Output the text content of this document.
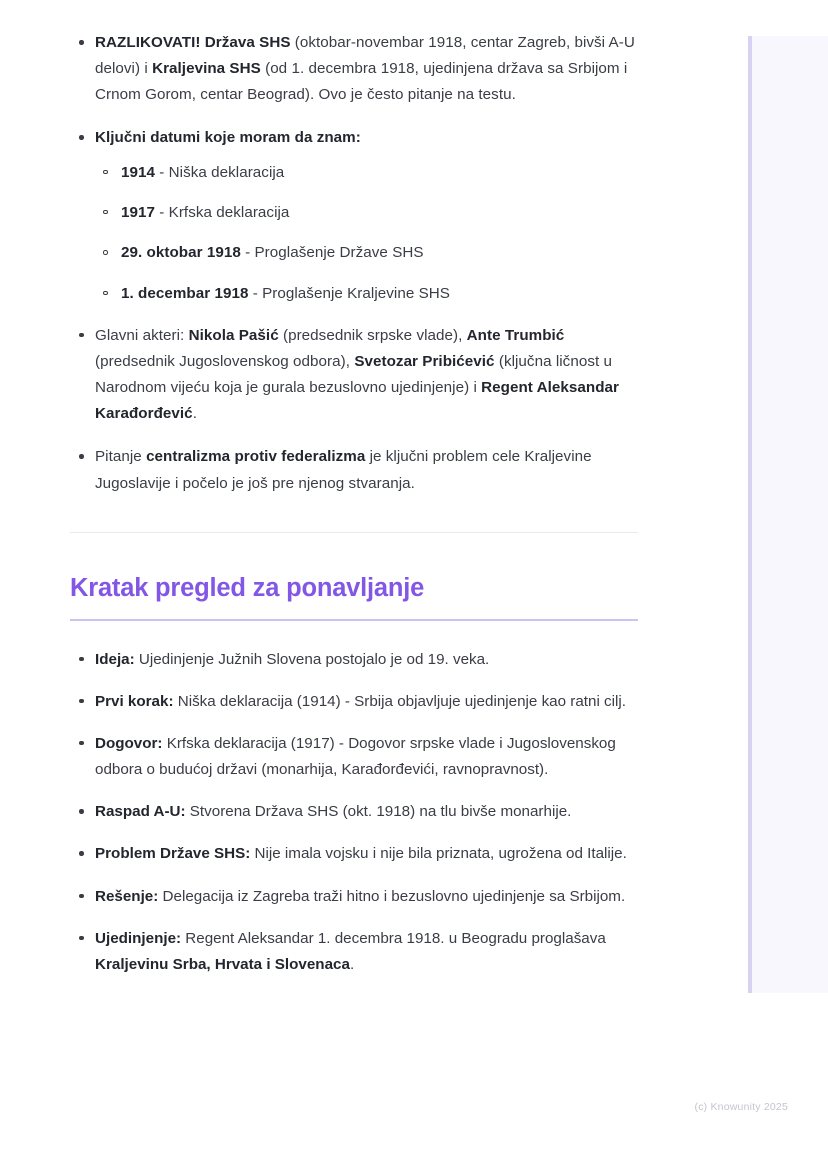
RAZLIKOVATI! Država SHS (oktobar-novembar 1918, centar Zagreb, bivši A-U delovi) i Kraljevina SHS (od 1. decembra 1918, ujedinjena država sa Srbijom i Crnom Gorom, centar Beograd). Ovo je često pitanje na testu.
Ključni datumi koje moram da znam:
1914 - Niška deklaracija
1917 - Krfska deklaracija
29. oktobar 1918 - Proglašenje Države SHS
1. decembar 1918 - Proglašenje Kraljevine SHS
Glavni akteri: Nikola Pašić (predsednik srpske vlade), Ante Trumbić (predsednik Jugoslovenskog odbora), Svetozar Pribićević (ključna ličnost u Narodnom vijeću koja je gurala bezuslovno ujedinjenje) i Regent Aleksandar Karađorđević.
Pitanje centralizma protiv federalizma je ključni problem cele Kraljevine Jugoslavije i počelo je još pre njenog stvaranja.
Kratak pregled za ponavljanje
Ideja: Ujedinjenje Južnih Slovena postojalo je od 19. veka.
Prvi korak: Niška deklaracija (1914) - Srbija objavljuje ujedinjenje kao ratni cilj.
Dogovor: Krfska deklaracija (1917) - Dogovor srpske vlade i Jugoslovenskog odbora o budućoj državi (monarhija, Karađorđevići, ravnopravnost).
Raspad A-U: Stvorena Država SHS (okt. 1918) na tlu bivše monarhije.
Problem Države SHS: Nije imala vojsku i nije bila priznata, ugrožena od Italije.
Rešenje: Delegacija iz Zagreba traži hitno i bezuslovno ujedinjenje sa Srbijom.
Ujedinjenje: Regent Aleksandar 1. decembra 1918. u Beogradu proglašava Kraljevinu Srba, Hrvata i Slovenaca.
(c) Knowunity 2025
